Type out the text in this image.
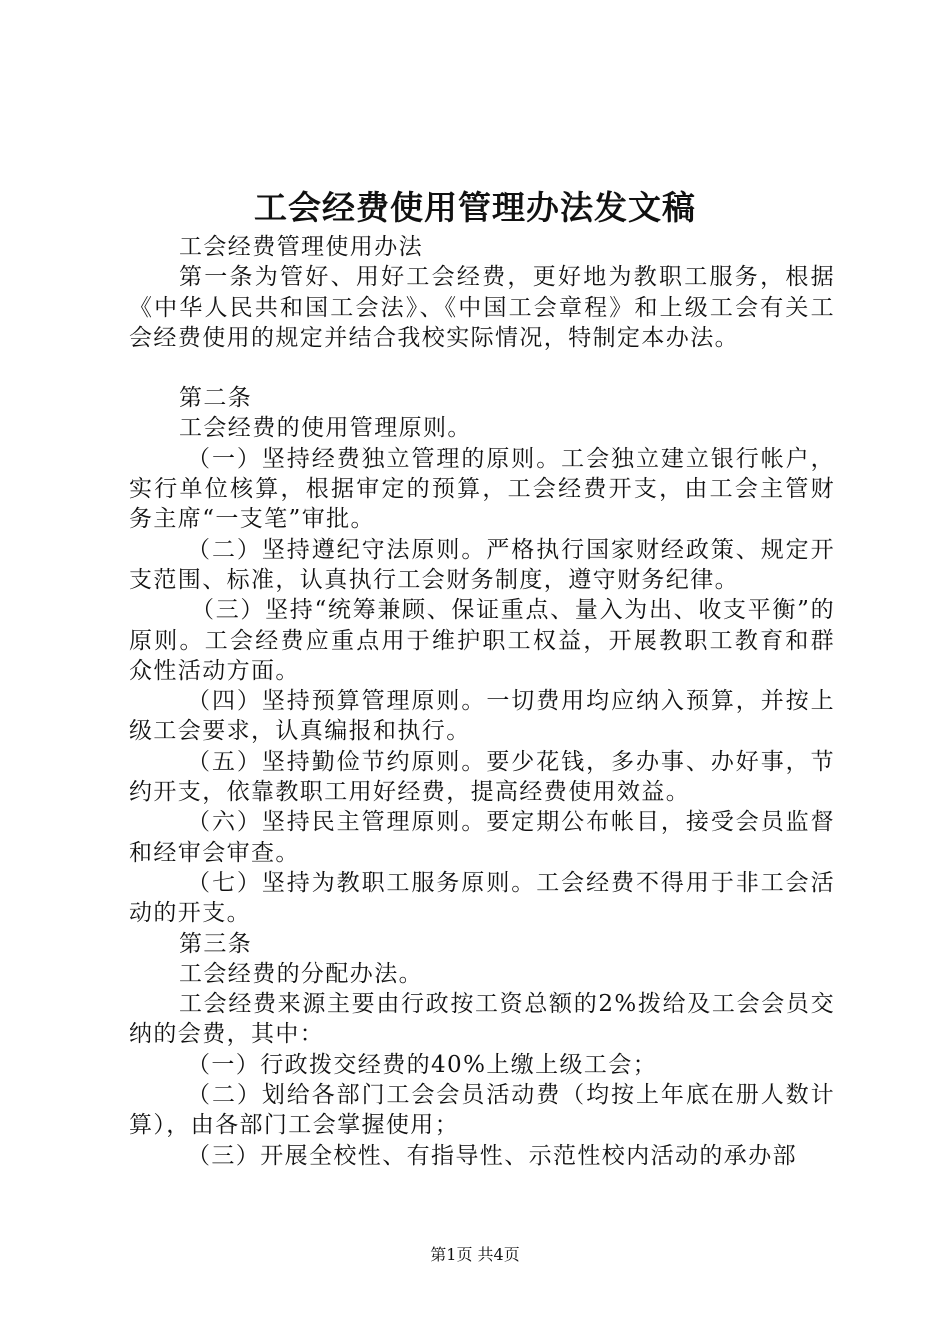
工会经费使用管理办法发文稿

工会经费管理使用办法

第一条为管好、用好工会经费，更好地为教职工服务，根据《中华人民共和国工会法》、《中国工会章程》和上级工会有关工会经费使用的规定并结合我校实际情况，特制定本办法。

第二条

工会经费的使用管理原则。

（一）坚持经费独立管理的原则。工会独立建立银行帐户，实行单位核算，根据审定的预算，工会经费开支，由工会主管财务主席“一支笔”审批。

（二）坚持遵纪守法原则。严格执行国家财经政策、规定开支范围、标准，认真执行工会财务制度，遵守财务纪律。

（三）坚持“统筹兼顾、保证重点、量入为出、收支平衡”的原则。工会经费应重点用于维护职工权益，开展教职工教育和群众性活动方面。

（四）坚持预算管理原则。一切费用均应纳入预算，并按上级工会要求，认真编报和执行。

（五）坚持勤俭节约原则。要少花钱，多办事、办好事，节约开支，依靠教职工用好经费，提高经费使用效益。

（六）坚持民主管理原则。要定期公布帐目，接受会员监督和经审会审查。

（七）坚持为教职工服务原则。工会经费不得用于非工会活动的开支。

第三条

工会经费的分配办法。

工会经费来源主要由行政按工资总额的2%拨给及工会会员交纳的会费，其中：

（一）行政拨交经费的40%上缴上级工会；

（二）划给各部门工会会员活动费（均按上年底在册人数计算），由各部门工会掌握使用；

（三）开展全校性、有指导性、示范性校内活动的承办部

第1页 共4页
